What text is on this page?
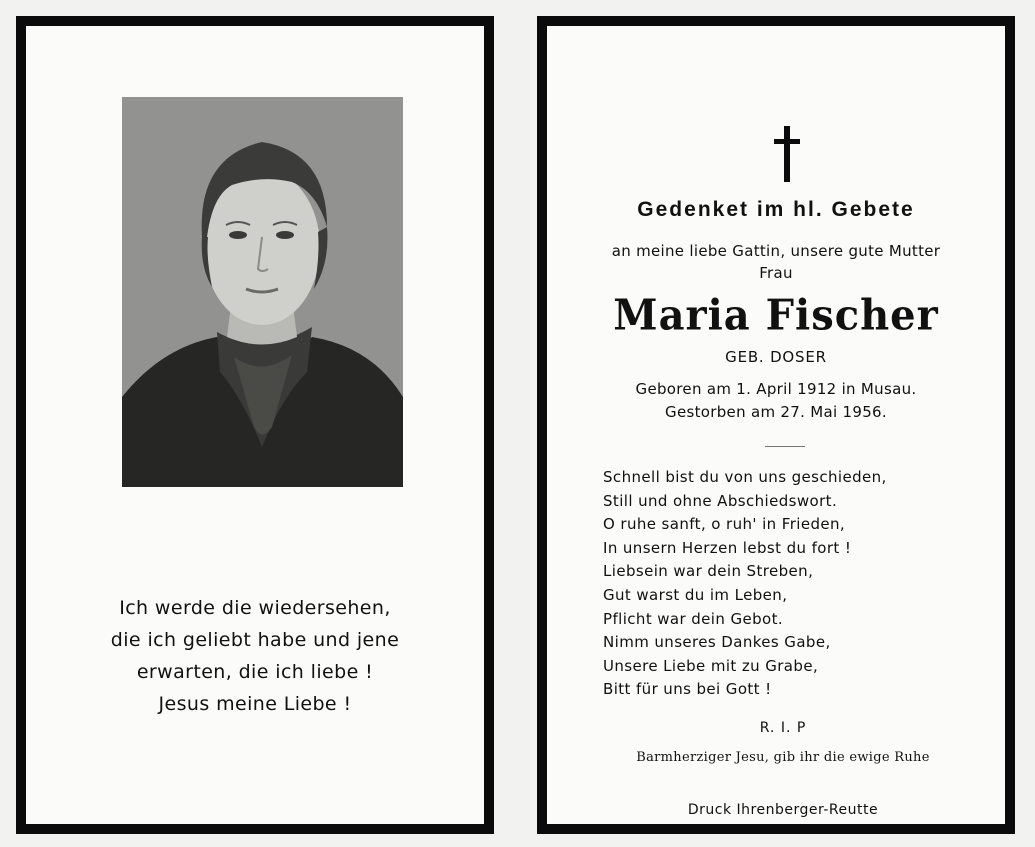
Ich werde die wiedersehen,
die ich geliebt habe und jene
erwarten, die ich liebe !
Jesus meine Liebe !
Gedenket im hl. Gebete
an meine liebe Gattin, unsere gute Mutter
Frau
Maria Fischer
GEB. DOSER
Geboren am 1. April 1912 in Musau.
Gestorben am 27. Mai 1956.
Schnell bist du von uns geschieden,
Still und ohne Abschiedswort.
O ruhe sanft, o ruh' in Frieden,
In unsern Herzen lebst du fort !
Liebsein war dein Streben,
Gut warst du im Leben,
Pflicht war dein Gebot.
Nimm unseres Dankes Gabe,
Unsere Liebe mit zu Grabe,
Bitt für uns bei Gott !
R. I. P
Barmherziger Jesu, gib ihr die ewige Ruhe
Druck Ihrenberger-Reutte
